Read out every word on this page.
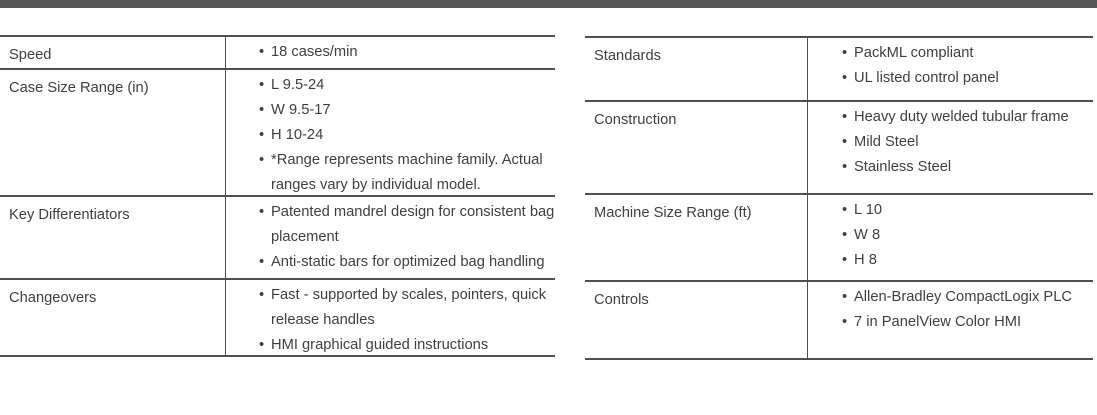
Speed	• 18 cases/min
Case Size Range (in)	• L 9.5-24
• W 9.5-17
• H 10-24
• *Range represents machine family. Actual ranges vary by individual model.
Key Differentiators	• Patented mandrel design for consistent bag placement
• Anti-static bars for optimized bag handling
Changeovers	• Fast - supported by scales, pointers, quick release handles
• HMI graphical guided instructions
Standards	• PackML compliant
• UL listed control panel
Construction	• Heavy duty welded tubular frame
• Mild Steel
• Stainless Steel
Machine Size Range (ft)	• L 10
• W 8
• H 8
Controls	• Allen-Bradley CompactLogix PLC
• 7 in PanelView Color HMI
